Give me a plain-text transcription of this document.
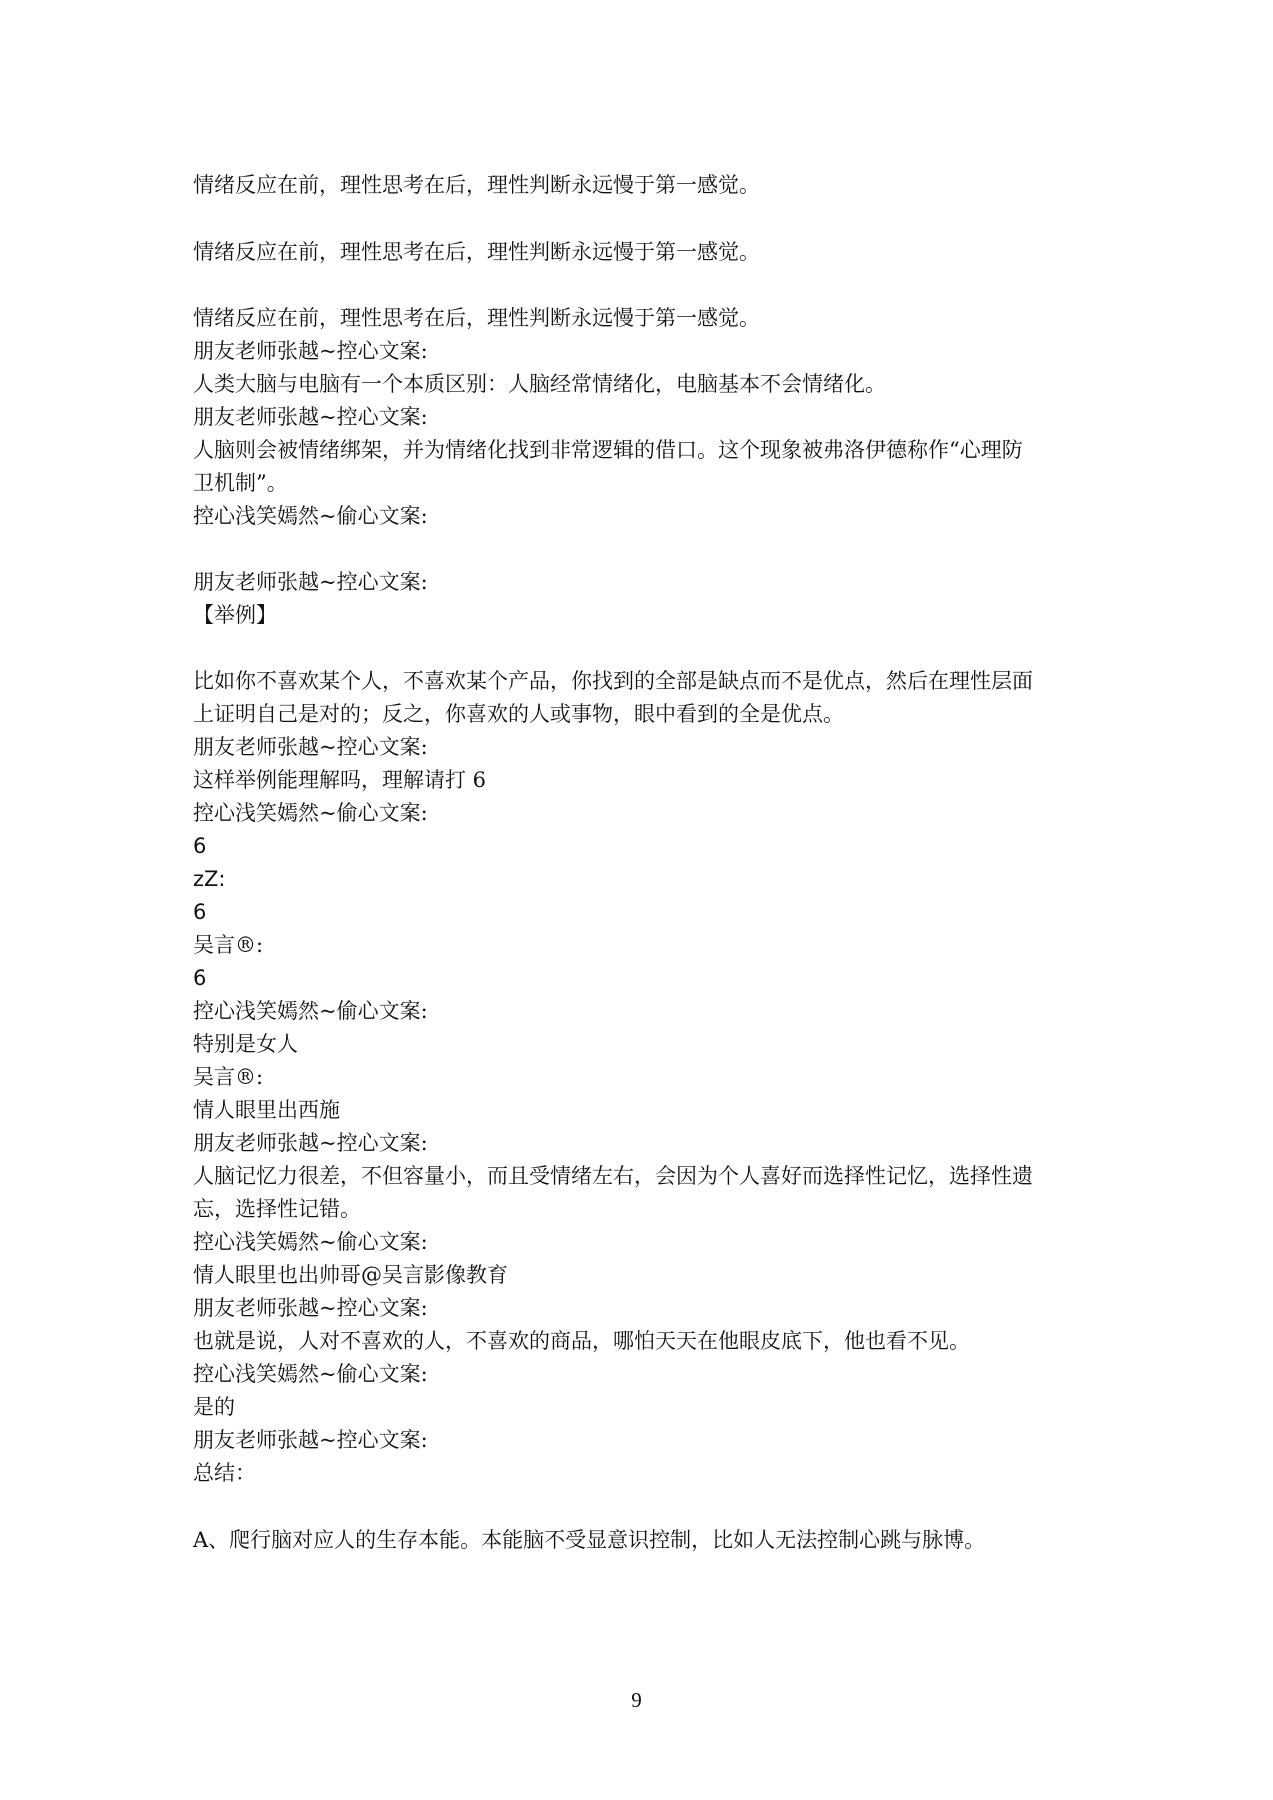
情绪反应在前，理性思考在后，理性判断永远慢于第一感觉。
情绪反应在前，理性思考在后，理性判断永远慢于第一感觉。
情绪反应在前，理性思考在后，理性判断永远慢于第一感觉。
朋友老师张越~控心文案:
人类大脑与电脑有一个本质区别：人脑经常情绪化，电脑基本不会情绪化。
朋友老师张越~控心文案:
人脑则会被情绪绑架，并为情绪化找到非常逻辑的借口。这个现象被弗洛伊德称作“心理防
卫机制”。
控心浅笑嫣然~偷心文案:
朋友老师张越~控心文案:
【举例】
比如你不喜欢某个人，不喜欢某个产品，你找到的全部是缺点而不是优点，然后在理性层面
上证明自己是对的；反之，你喜欢的人或事物，眼中看到的全是优点。
朋友老师张越~控心文案:
这样举例能理解吗，理解请打 6
控心浅笑嫣然~偷心文案:
6
zZ:
6
吴言®:
6
控心浅笑嫣然~偷心文案:
特别是女人
吴言®:
情人眼里出西施
朋友老师张越~控心文案:
人脑记忆力很差，不但容量小，而且受情绪左右，会因为个人喜好而选择性记忆，选择性遗
忘，选择性记错。
控心浅笑嫣然~偷心文案:
情人眼里也出帅哥@吴言影像教育
朋友老师张越~控心文案:
也就是说，人对不喜欢的人，不喜欢的商品，哪怕天天在他眼皮底下，他也看不见。
控心浅笑嫣然~偷心文案:
是的
朋友老师张越~控心文案:
总结：
A、爬行脑对应人的生存本能。本能脑不受显意识控制，比如人无法控制心跳与脉博。
9
